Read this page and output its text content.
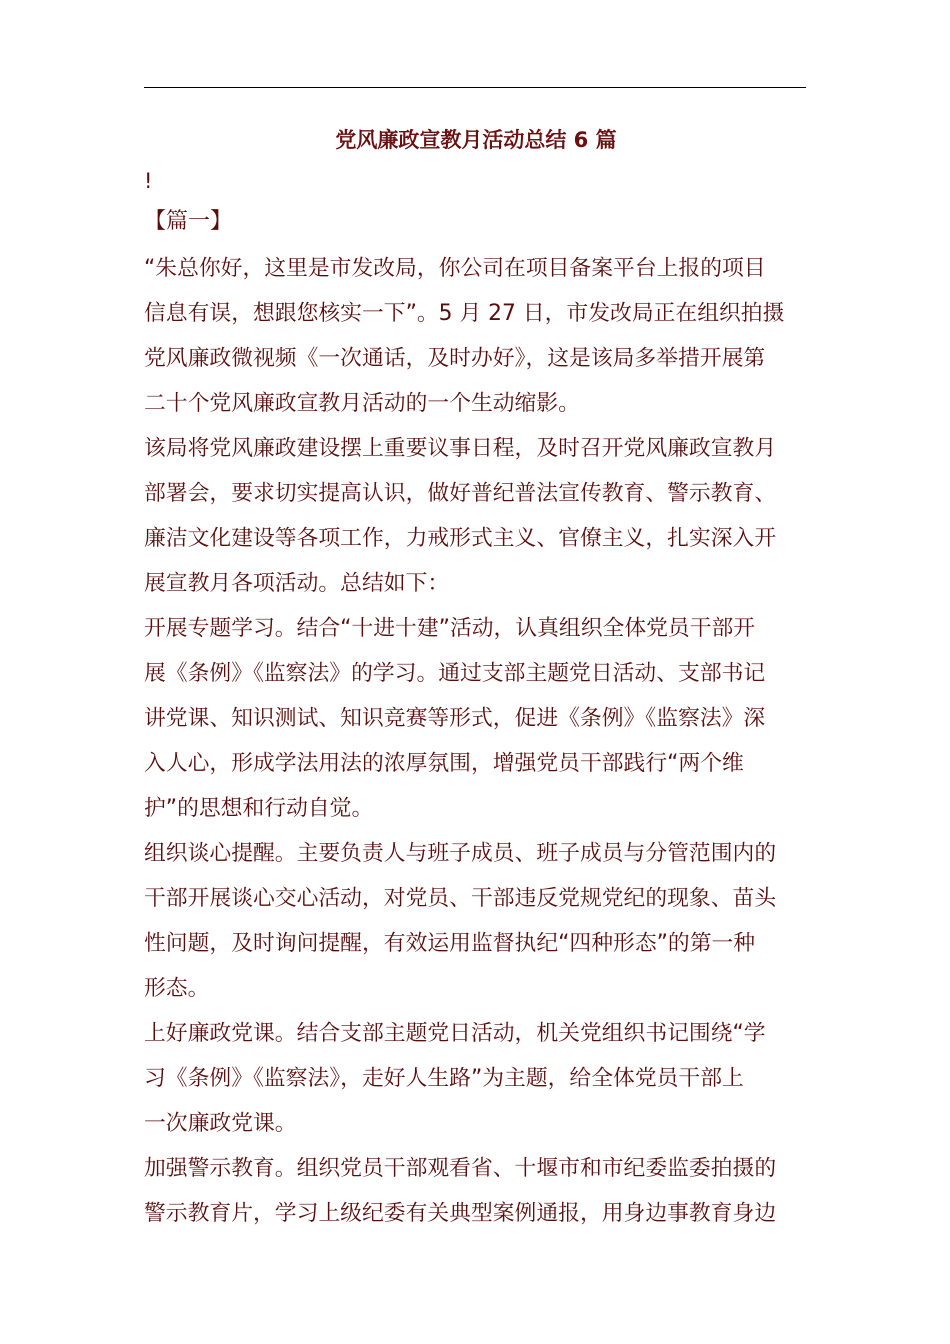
党风廉政宣教月活动总结 6 篇
!
【篇一】

“朱总你好，这里是市发改局，你公司在项目备案平台上报的项目

信息有误，想跟您核实一下”。5 月 27 日，市发改局正在组织拍摄

党风廉政微视频《一次通话，及时办好》，这是该局多举措开展第

二十个党风廉政宣教月活动的一个生动缩影。

该局将党风廉政建设摆上重要议事日程，及时召开党风廉政宣教月

部署会，要求切实提高认识，做好普纪普法宣传教育、警示教育、

廉洁文化建设等各项工作，力戒形式主义、官僚主义，扎实深入开

展宣教月各项活动。总结如下：

开展专题学习。结合“十进十建”活动，认真组织全体党员干部开

展《条例》《监察法》的学习。通过支部主题党日活动、支部书记

讲党课、知识测试、知识竞赛等形式，促进《条例》《监察法》深

入人心，形成学法用法的浓厚氛围，增强党员干部践行“两个维

护”的思想和行动自觉。

组织谈心提醒。主要负责人与班子成员、班子成员与分管范围内的

干部开展谈心交心活动，对党员、干部违反党规党纪的现象、苗头

性问题，及时询问提醒，有效运用监督执纪“四种形态”的第一种

形态。

上好廉政党课。结合支部主题党日活动，机关党组织书记围绕“学

习《条例》《监察法》，走好人生路”为主题，给全体党员干部上

一次廉政党课。

加强警示教育。组织党员干部观看省、十堰市和市纪委监委拍摄的

警示教育片，学习上级纪委有关典型案例通报，用身边事教育身边
